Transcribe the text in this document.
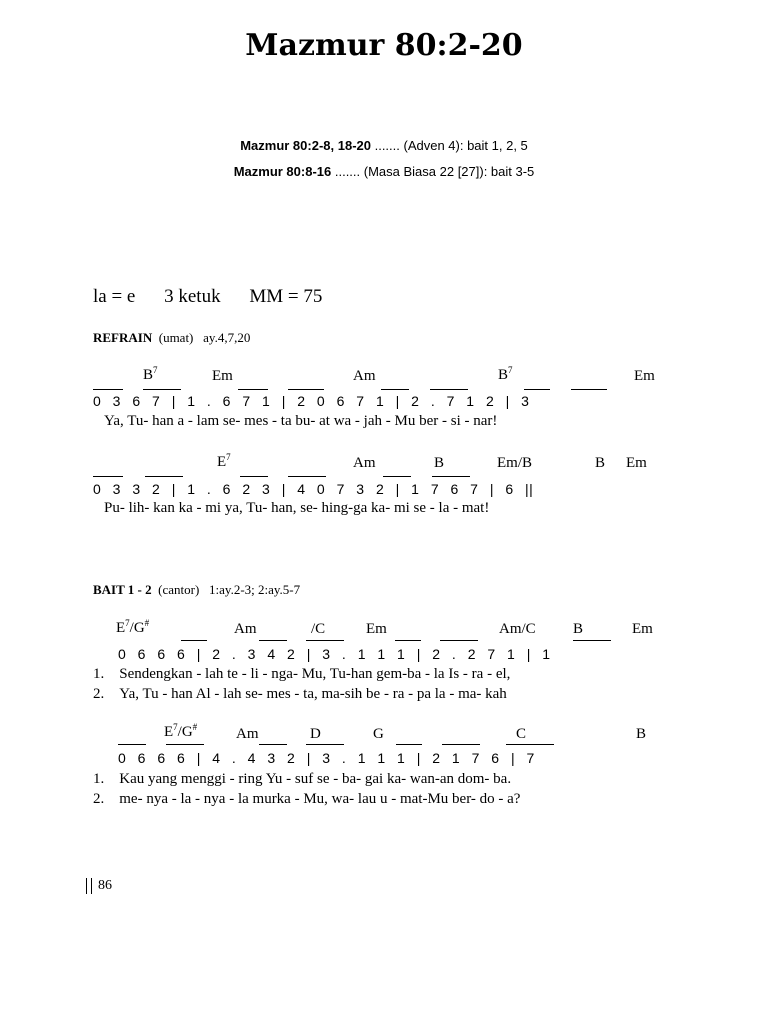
Mazmur 80:2-20
Mazmur 80:2-8, 18-20 ....... (Adven 4): bait 1, 2, 5
Mazmur 80:8-16 ....... (Masa Biasa 22 [27]): bait 3-5
la = e 3 ketuk MM = 75
REFRAIN (umat) ay.4,7,20
$B^7$	Em	Am	$B^7$	Em
0 3 6 7 | 1 . 6 7 1 | 2 0 6 7 1 | 2 . 7 1 2 | 3
Ya, Tu- han a - lam se- mes - ta bu- at wa - jah - Mu ber - si - nar!
$E^7$	Am	B	Em/B	B Em
0 3 3 2 | 1 . 6 2 3 | 4 0 7 3 2 | 1 7 6 7 | 6 ||
Pu- lih- kan ka - mi ya, Tu- han, se- hing-ga ka- mi se - la - mat!
BAIT 1 - 2 (cantor) 1:ay.2-3; 2:ay.5-7
$E^7/G^{\#}$	Am	/C	Em	Am/C B	Em
0 6 6 6 | 2 . 3 4 2 | 3 . 1 1 1 | 2 . 2 7 1 | 1
1.    Sendengkan - lah te - li - nga- Mu, Tu-han gem-ba - la Is - ra - el,
2.    Ya, Tu - han Al - lah se- mes - ta, ma-sih be - ra - pa la - ma- kah
$E^7/G^{\#}$	Am	D	G	C	B
0 6 6 6 | 4 . 4 3 2 | 3 . 1 1 1 | 2 1 7 6 | 7
1.    Kau yang menggi - ring Yu - suf se - ba- gai ka- wan-an dom- ba.
2.    me- nya - la - nya - la murka - Mu, wa- lau u - mat-Mu ber- do - a?
86
